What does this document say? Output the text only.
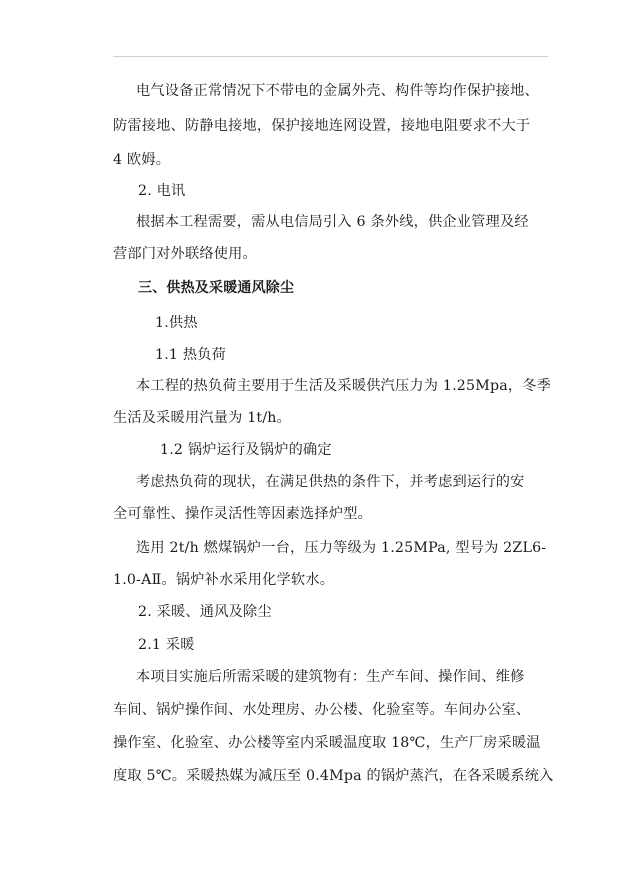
电气设备正常情况下不带电的金属外壳、构件等均作保护接地、
防雷接地、防静电接地，保护接地连网设置，接地电阻要求不大于
4 欧姆。
2. 电讯
根据本工程需要，需从电信局引入 6 条外线，供企业管理及经
营部门对外联络使用。
三、供热及采暖通风除尘
1.供热
1.1 热负荷
本工程的热负荷主要用于生活及采暖供汽压力为 1.25Mpa，冬季
生活及采暖用汽量为 1t/h。
1.2 锅炉运行及锅炉的确定
考虑热负荷的现状，在满足供热的条件下，并考虑到运行的安
全可靠性、操作灵活性等因素选择炉型。
选用 2t/h 燃煤锅炉一台，压力等级为 1.25MPa, 型号为 2ZL6-
1.0-AⅡ。锅炉补水采用化学软水。
2. 采暖、通风及除尘
2.1 采暖
本项目实施后所需采暖的建筑物有：生产车间、操作间、维修
车间、锅炉操作间、水处理房、办公楼、化验室等。车间办公室、
操作室、化验室、办公楼等室内采暖温度取 18℃，生产厂房采暖温
度取 5℃。采暖热媒为减压至 0.4Mpa 的锅炉蒸汽，在各采暖系统入
